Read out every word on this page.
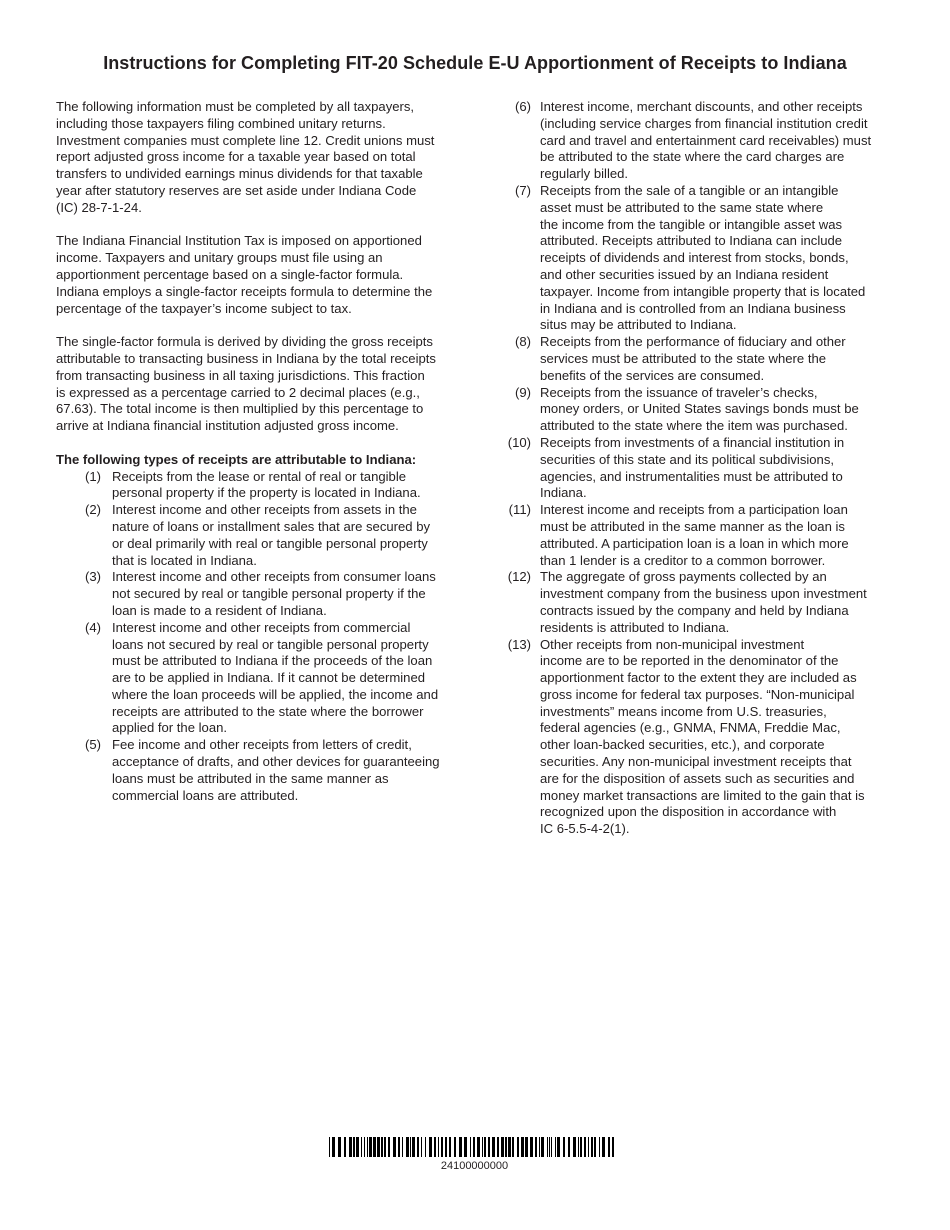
Instructions for Completing FIT-20 Schedule E-U Apportionment of Receipts to Indiana

The following information must be completed by all taxpayers,
including those taxpayers filing combined unitary returns.
Investment companies must complete line 12. Credit unions must
report adjusted gross income for a taxable year based on total
transfers to undivided earnings minus dividends for that taxable
year after statutory reserves are set aside under Indiana Code
(IC) 28-7-1-24.

The Indiana Financial Institution Tax is imposed on apportioned
income. Taxpayers and unitary groups must file using an
apportionment percentage based on a single-factor formula.
Indiana employs a single-factor receipts formula to determine the
percentage of the taxpayer’s income subject to tax.

The single-factor formula is derived by dividing the gross receipts
attributable to transacting business in Indiana by the total receipts
from transacting business in all taxing jurisdictions. This fraction
is expressed as a percentage carried to 2 decimal places (e.g.,
67.63). The total income is then multiplied by this percentage to
arrive at Indiana financial institution adjusted gross income.

The following types of receipts are attributable to Indiana:

(1) Receipts from the lease or rental of real or tangible
personal property if the property is located in Indiana.
(2) Interest income and other receipts from assets in the
nature of loans or installment sales that are secured by
or deal primarily with real or tangible personal property
that is located in Indiana.
(3) Interest income and other receipts from consumer loans
not secured by real or tangible personal property if the
loan is made to a resident of Indiana.
(4) Interest income and other receipts from commercial
loans not secured by real or tangible personal property
must be attributed to Indiana if the proceeds of the loan
are to be applied in Indiana. If it cannot be determined
where the loan proceeds will be applied, the income and
receipts are attributed to the state where the borrower
applied for the loan.
(5) Fee income and other receipts from letters of credit,
acceptance of drafts, and other devices for guaranteeing
loans must be attributed in the same manner as
commercial loans are attributed.
(6) Interest income, merchant discounts, and other receipts
(including service charges from financial institution credit
card and travel and entertainment card receivables) must
be attributed to the state where the card charges are
regularly billed.
(7) Receipts from the sale of a tangible or an intangible
asset must be attributed to the same state where
the income from the tangible or intangible asset was
attributed. Receipts attributed to Indiana can include
receipts of dividends and interest from stocks, bonds,
and other securities issued by an Indiana resident
taxpayer. Income from intangible property that is located
in Indiana and is controlled from an Indiana business
situs may be attributed to Indiana.
(8) Receipts from the performance of fiduciary and other
services must be attributed to the state where the
benefits of the services are consumed.
(9) Receipts from the issuance of traveler’s checks,
money orders, or United States savings bonds must be
attributed to the state where the item was purchased.
(10) Receipts from investments of a financial institution in
securities of this state and its political subdivisions,
agencies, and instrumentalities must be attributed to
Indiana.
(11) Interest income and receipts from a participation loan
must be attributed in the same manner as the loan is
attributed. A participation loan is a loan in which more
than 1 lender is a creditor to a common borrower.
(12) The aggregate of gross payments collected by an
investment company from the business upon investment
contracts issued by the company and held by Indiana
residents is attributed to Indiana.
(13) Other receipts from non-municipal investment
income are to be reported in the denominator of the
apportionment factor to the extent they are included as
gross income for federal tax purposes. “Non-municipal
investments” means income from U.S. treasuries,
federal agencies (e.g., GNMA, FNMA, Freddie Mac,
other loan-backed securities, etc.), and corporate
securities. Any non-municipal investment receipts that
are for the disposition of assets such as securities and
money market transactions are limited to the gain that is
recognized upon the disposition in accordance with
IC 6-5.5-4-2(1).
24100000000
